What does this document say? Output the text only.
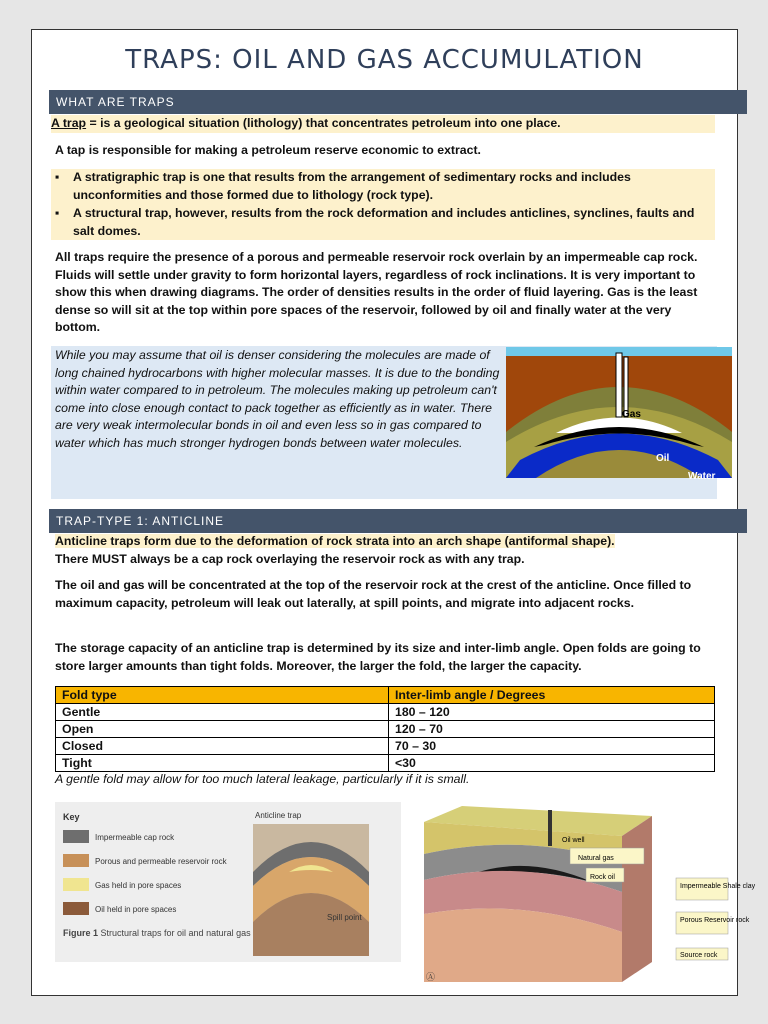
TRAPS: OIL AND GAS ACCUMULATION
WHAT ARE TRAPS
A trap = is a geological situation (lithology) that concentrates petroleum into one place.
A tap is responsible for making a petroleum reserve economic to extract.
▪ A stratigraphic trap is one that results from the arrangement of sedimentary rocks and includes unconformities and those formed due to lithology (rock type).
▪ A structural trap, however, results from the rock deformation and includes anticlines, synclines, faults and salt domes.
All traps require the presence of a porous and permeable reservoir rock overlain by an impermeable cap rock. Fluids will settle under gravity to form horizontal layers, regardless of rock inclinations. It is very important to show this when drawing diagrams. The order of densities results in the order of fluid layering. Gas is the least dense so will sit at the top within pore spaces of the reservoir, followed by oil and finally water at the very bottom.
While you may assume that oil is denser considering the molecules are made of long chained hydrocarbons with higher molecular masses. It is due to the bonding within water compared to in petroleum. The molecules making up petroleum can't come into close enough contact to pack together as efficiently as in water. There are very weak intermolecular bonds in oil and even less so in gas compared to water which has much stronger hydrogen bonds between water molecules.
Gas
Oil
Water
TRAP-TYPE 1: ANTICLINE
Anticline traps form due to the deformation of rock strata into an arch shape (antiformal shape).
There MUST always be a cap rock overlaying the reservoir rock as with any trap.
The oil and gas will be concentrated at the top of the reservoir rock at the crest of the anticline. Once filled to maximum capacity, petroleum will leak out laterally, at spill points, and migrate into adjacent rocks.
The storage capacity of an anticline trap is determined by its size and inter-limb angle. Open folds are going to store larger amounts than tight folds. Moreover, the larger the fold, the larger the capacity.
Fold type	Inter-limb angle / Degrees
Gentle	180 – 120
Open	120 – 70
Closed	70 – 30
Tight	<30
A gentle fold may allow for too much lateral leakage, particularly if it is small.
Key
Impermeable cap rock
Porous and permeable reservoir rock
Gas held in pore spaces
Oil held in pore spaces
Figure 1 Structural traps for oil and natural gas
Anticline trap
Spill point
Oil well
Natural gas
Rock oil
Impermeable Shale clay
Porous Reservoir rock
Source rock
Ⓐ
